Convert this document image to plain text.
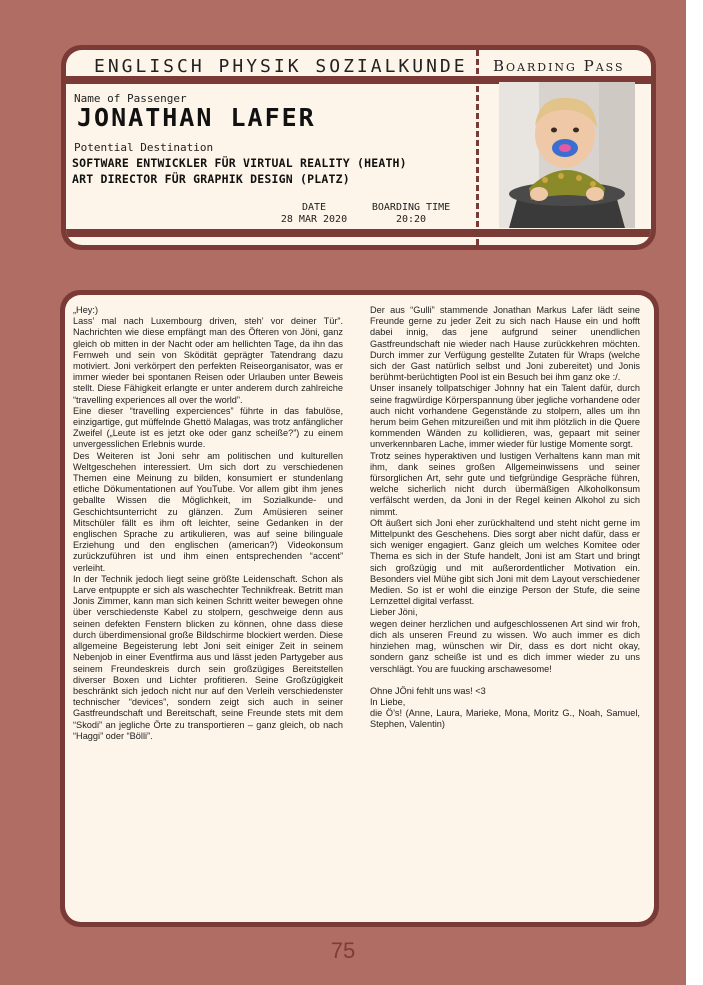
ENGLISCH PHYSIK SOZIALKUNDE Boarding Pass
Name of Passenger
JONATHAN LAFER
Potential Destination
SOFTWARE ENTWICKLER FÜR VIRTUAL REALITY (HEATH)
ART DIRECTOR FÜR GRAPHIK DESIGN (PLATZ)
DATE
28 MAR 2020
BOARDING TIME
20:20

„Hey:)

Lass’ mal nach Luxembourg driven, steh’ vor deiner Tür”. Nachrichten wie diese empfängt man des Öfteren von Jöni, ganz gleich ob mitten in der Nacht oder am hellichten Tage, da ihn das Fernweh und sein von Sködität geprägter Tatendrang dazu motiviert. Joni verkörpert den perfekten Reiseorganisator, was er immer wieder bei spontanen Reisen oder Urlauben unter Beweis stellt. Diese Fähigkeit erlangte er unter anderem durch zahlreiche “travelling experiences all over the world”.

Eine dieser “travelling experciences” führte in das fabulöse, einzigartige, gut müffelnde Ghettö Malagas, was trotz anfänglicher Zweifel („Leute ist es jetzt oke oder ganz scheiße?”) zu einem unvergesslichen Erlebnis wurde.

Des Weiteren ist Joni sehr am politischen und kulturellen Weltgeschehen interessiert. Um sich dort zu verschiedenen Themen eine Meinung zu bilden, konsumiert er stundenlang etliche Dökumentationen auf YouTube. Vor allem gibt ihm jenes geballte Wissen die Möglichkeit, im Sozialkunde- und Geschichtsunterricht zu glänzen. Zum Amüsieren seiner Mitschüler fällt es ihm oft leichter, seine Gedanken in der englischen Sprache zu artikulieren, was auf seine bilinguale Erziehung und den englischen (american?) Videokonsum zurückzuführen ist und ihm einen entsprechenden “accent” verleiht.

In der Technik jedoch liegt seine größte Leidenschaft. Schon als Larve entpuppte er sich als waschechter Technikfreak. Betritt man Jonis Zimmer, kann man sich keinen Schritt weiter bewegen ohne über verschiedenste Kabel zu stolpern, geschweige denn aus seinen defekten Fenstern blicken zu können, ohne dass diese durch überdimensional große Bildschirme blockiert werden. Diese allgemeine Begeisterung lebt Joni seit einiger Zeit in seinem Nebenjob in einer Eventfirma aus und lässt jeden Partygeber aus seinem Freundeskreis durch sein großzügiges Bereitstellen diverser Boxen und Lichter profitieren. Seine Großzügigkeit beschränkt sich jedoch nicht nur auf den Verleih verschiedenster technischer “devices”, sondern zeigt sich auch in seiner Gastfreundschaft und Bereitschaft, seine Freunde stets mit dem “Skodi” an jegliche Örte zu transportieren – ganz gleich, ob nach “Haggi” oder “Bölli”.

Der aus “Gulli” stammende Jonathan Markus Lafer lädt seine Freunde gerne zu jeder Zeit zu sich nach Hause ein und hofft dabei innig, das jene aufgrund seiner unendlichen Gastfreundschaft nie wieder nach Hause zurückkehren möchten. Durch immer zur Verfügung gestellte Zutaten für Wraps (welche sich der Gast natürlich selbst und Joni zubereitet) und Jonis berühmt-berüchtigten Pool ist ein Besuch bei ihm ganz oke :/.

Unser insanely tollpatschiger Johnny hat ein Talent dafür, durch seine fragwürdige Körperspannung über jegliche vorhandene oder auch nicht vorhandene Gegenstände zu stolpern, alles um ihn herum beim Gehen mitzureißen und mit ihm plötzlich in die Quere kommenden Wänden zu kollidieren, was, gepaart mit seiner unverkennbaren Lache, immer wieder für lustige Momente sorgt.

Trotz seines hyperaktiven und lustigen Verhaltens kann man mit ihm, dank seines großen Allgemeinwissens und seiner fürsorglichen Art, sehr gute und tiefgründige Gespräche führen, welche sicherlich nicht durch übermäßigen Alkoholkonsum verfälscht werden, da Joni in der Regel keinen Alkohol zu sich nimmt.

Oft äußert sich Joni eher zurückhaltend und steht nicht gerne im Mittelpunkt des Geschehens. Dies sorgt aber nicht dafür, dass er sich weniger engagiert. Ganz gleich um welches Komitee oder Thema es sich in der Stufe handelt, Joni ist am Start und bringt sich großzügig und mit außerordentlicher Motivation ein. Besonders viel Mühe gibt sich Joni mit dem Layout verschiedener Medien. So ist er wohl die einzige Person der Stufe, die seine Lernzettel digital verfasst.

Lieber Jöni,

wegen deiner herzlichen und aufgeschlossenen Art sind wir froh, dich als unseren Freund zu wissen. Wo auch immer es dich hinziehen mag, wünschen wir Dir, dass es dort nicht okay, sondern ganz scheiße ist und es dich immer wieder zu uns verschlägt. You are fuucking arschawesome!

Ohne JÖni fehlt uns was! <3

In Liebe,

die Ö’s! (Anne, Laura, Marieke, Mona, Moritz G., Noah, Samuel, Stephen, Valentin)

75
